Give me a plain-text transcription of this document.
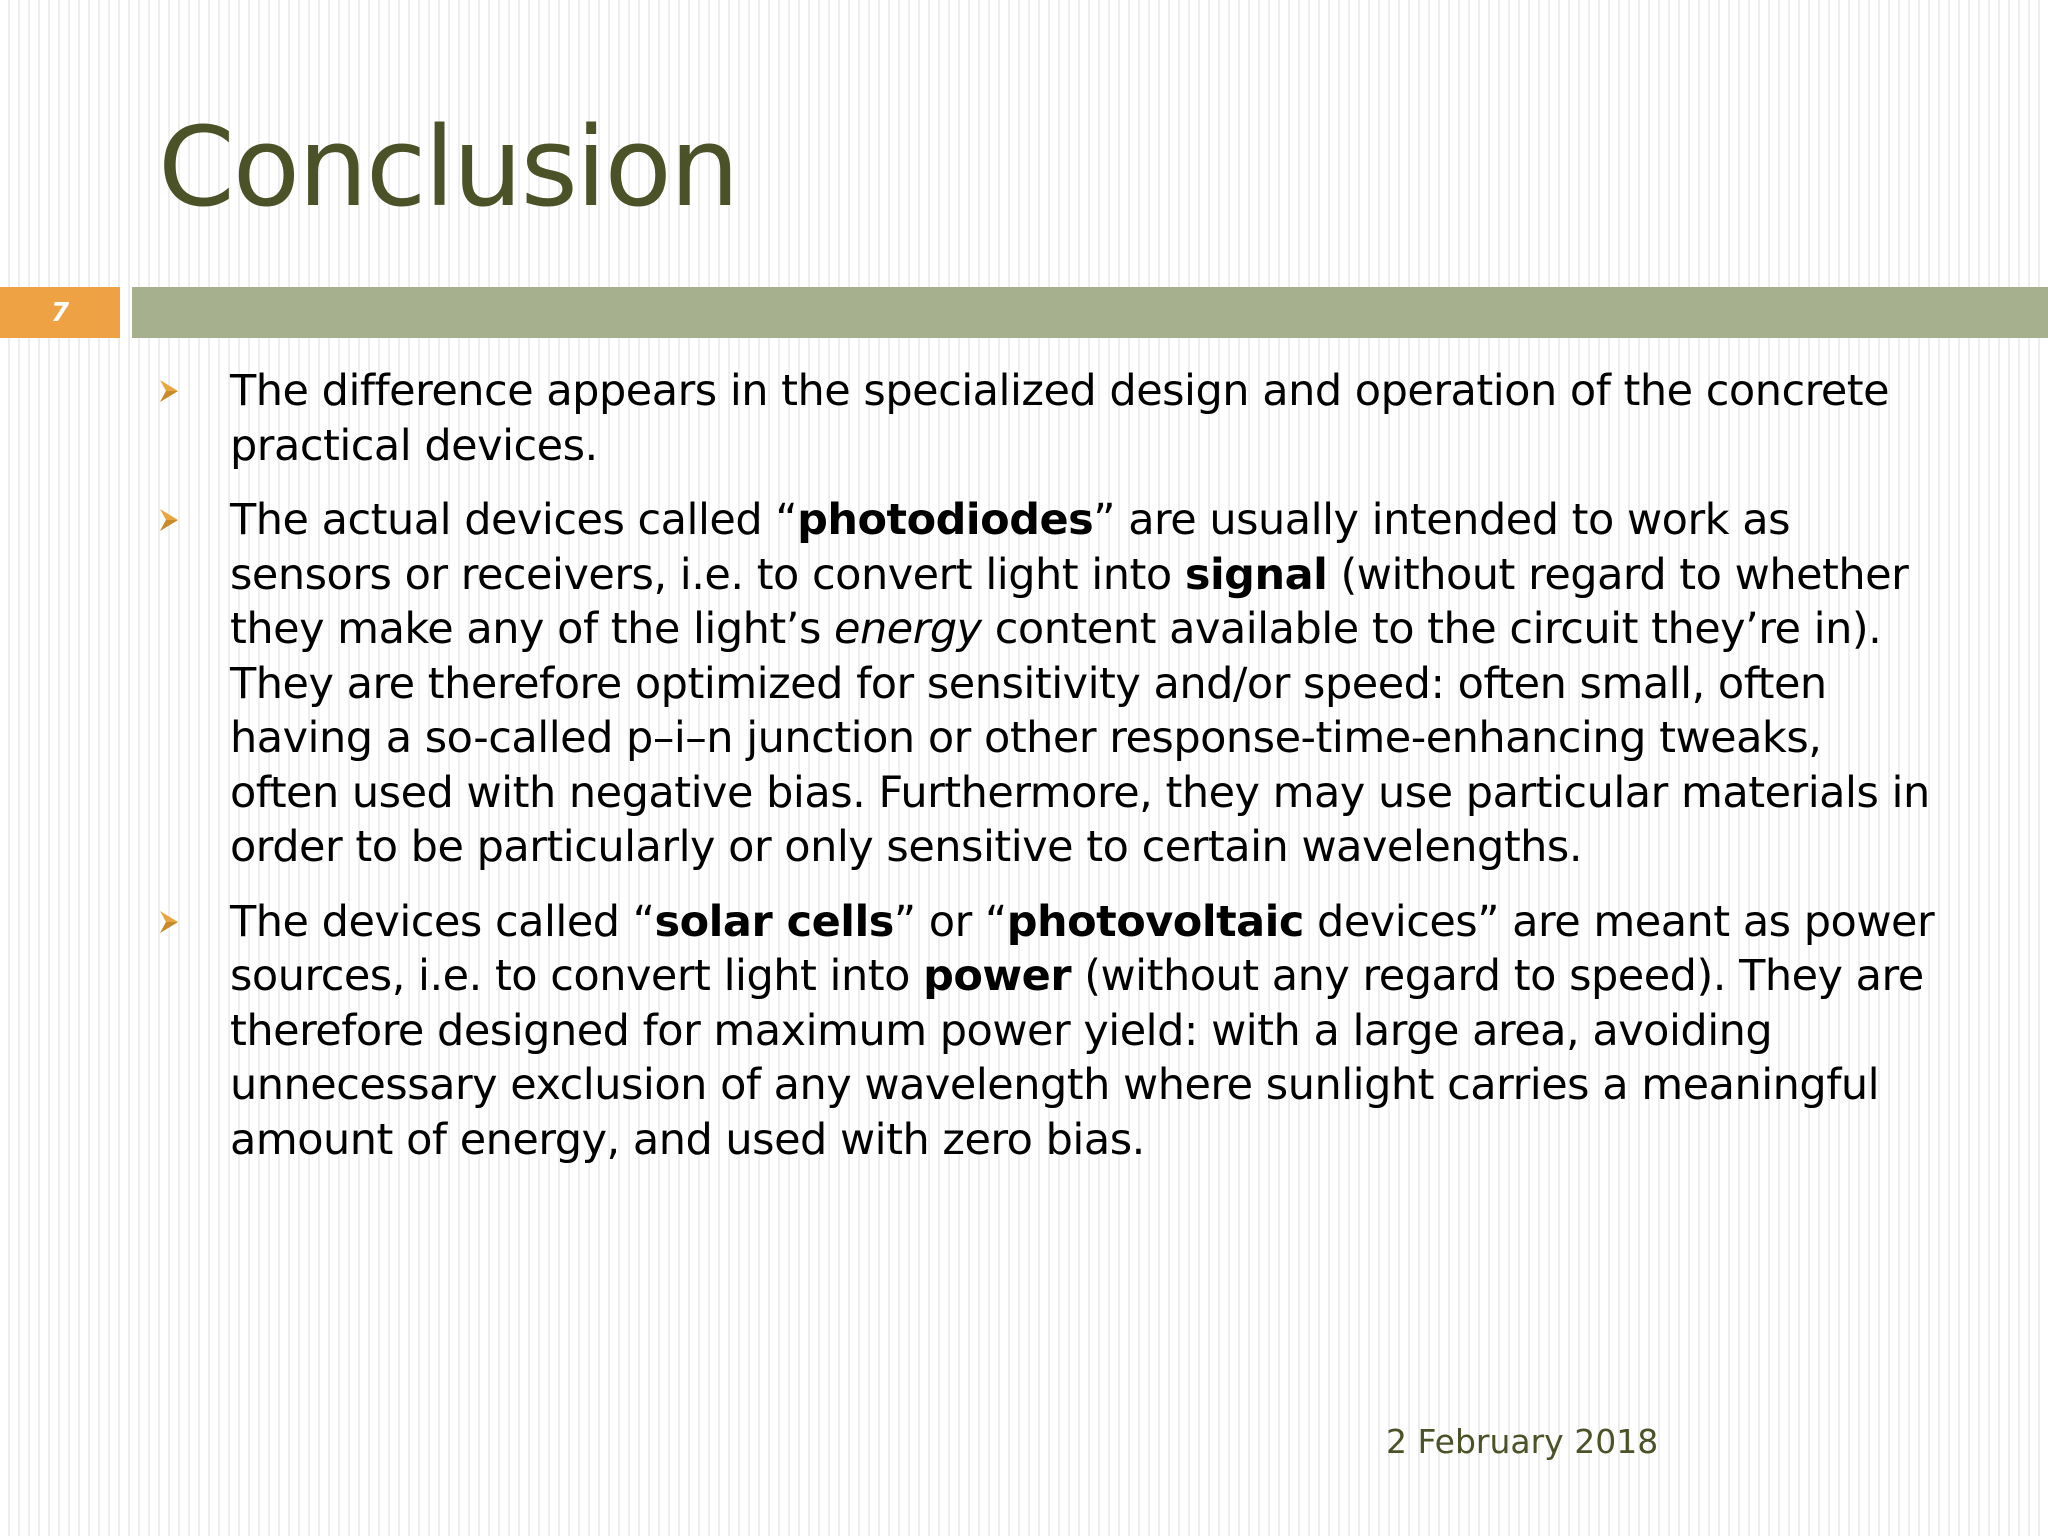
Conclusion
7
The difference appears in the specialized design and operation of the concrete practical devices.
The actual devices called “photodiodes” are usually intended to work as sensors or receivers, i.e. to convert light into signal (without regard to whether they make any of the light’s energy content available to the circuit they’re in). They are therefore optimized for sensitivity and/or speed: often small, often having a so-called p–i–n junction or other response-time-enhancing tweaks, often used with negative bias. Furthermore, they may use particular materials in order to be particularly or only sensitive to certain wavelengths.
The devices called “solar cells” or “photovoltaic devices” are meant as power sources, i.e. to convert light into power (without any regard to speed). They are therefore designed for maximum power yield: with a large area, avoiding unnecessary exclusion of any wavelength where sunlight carries a meaningful amount of energy, and used with zero bias.
2 February 2018
